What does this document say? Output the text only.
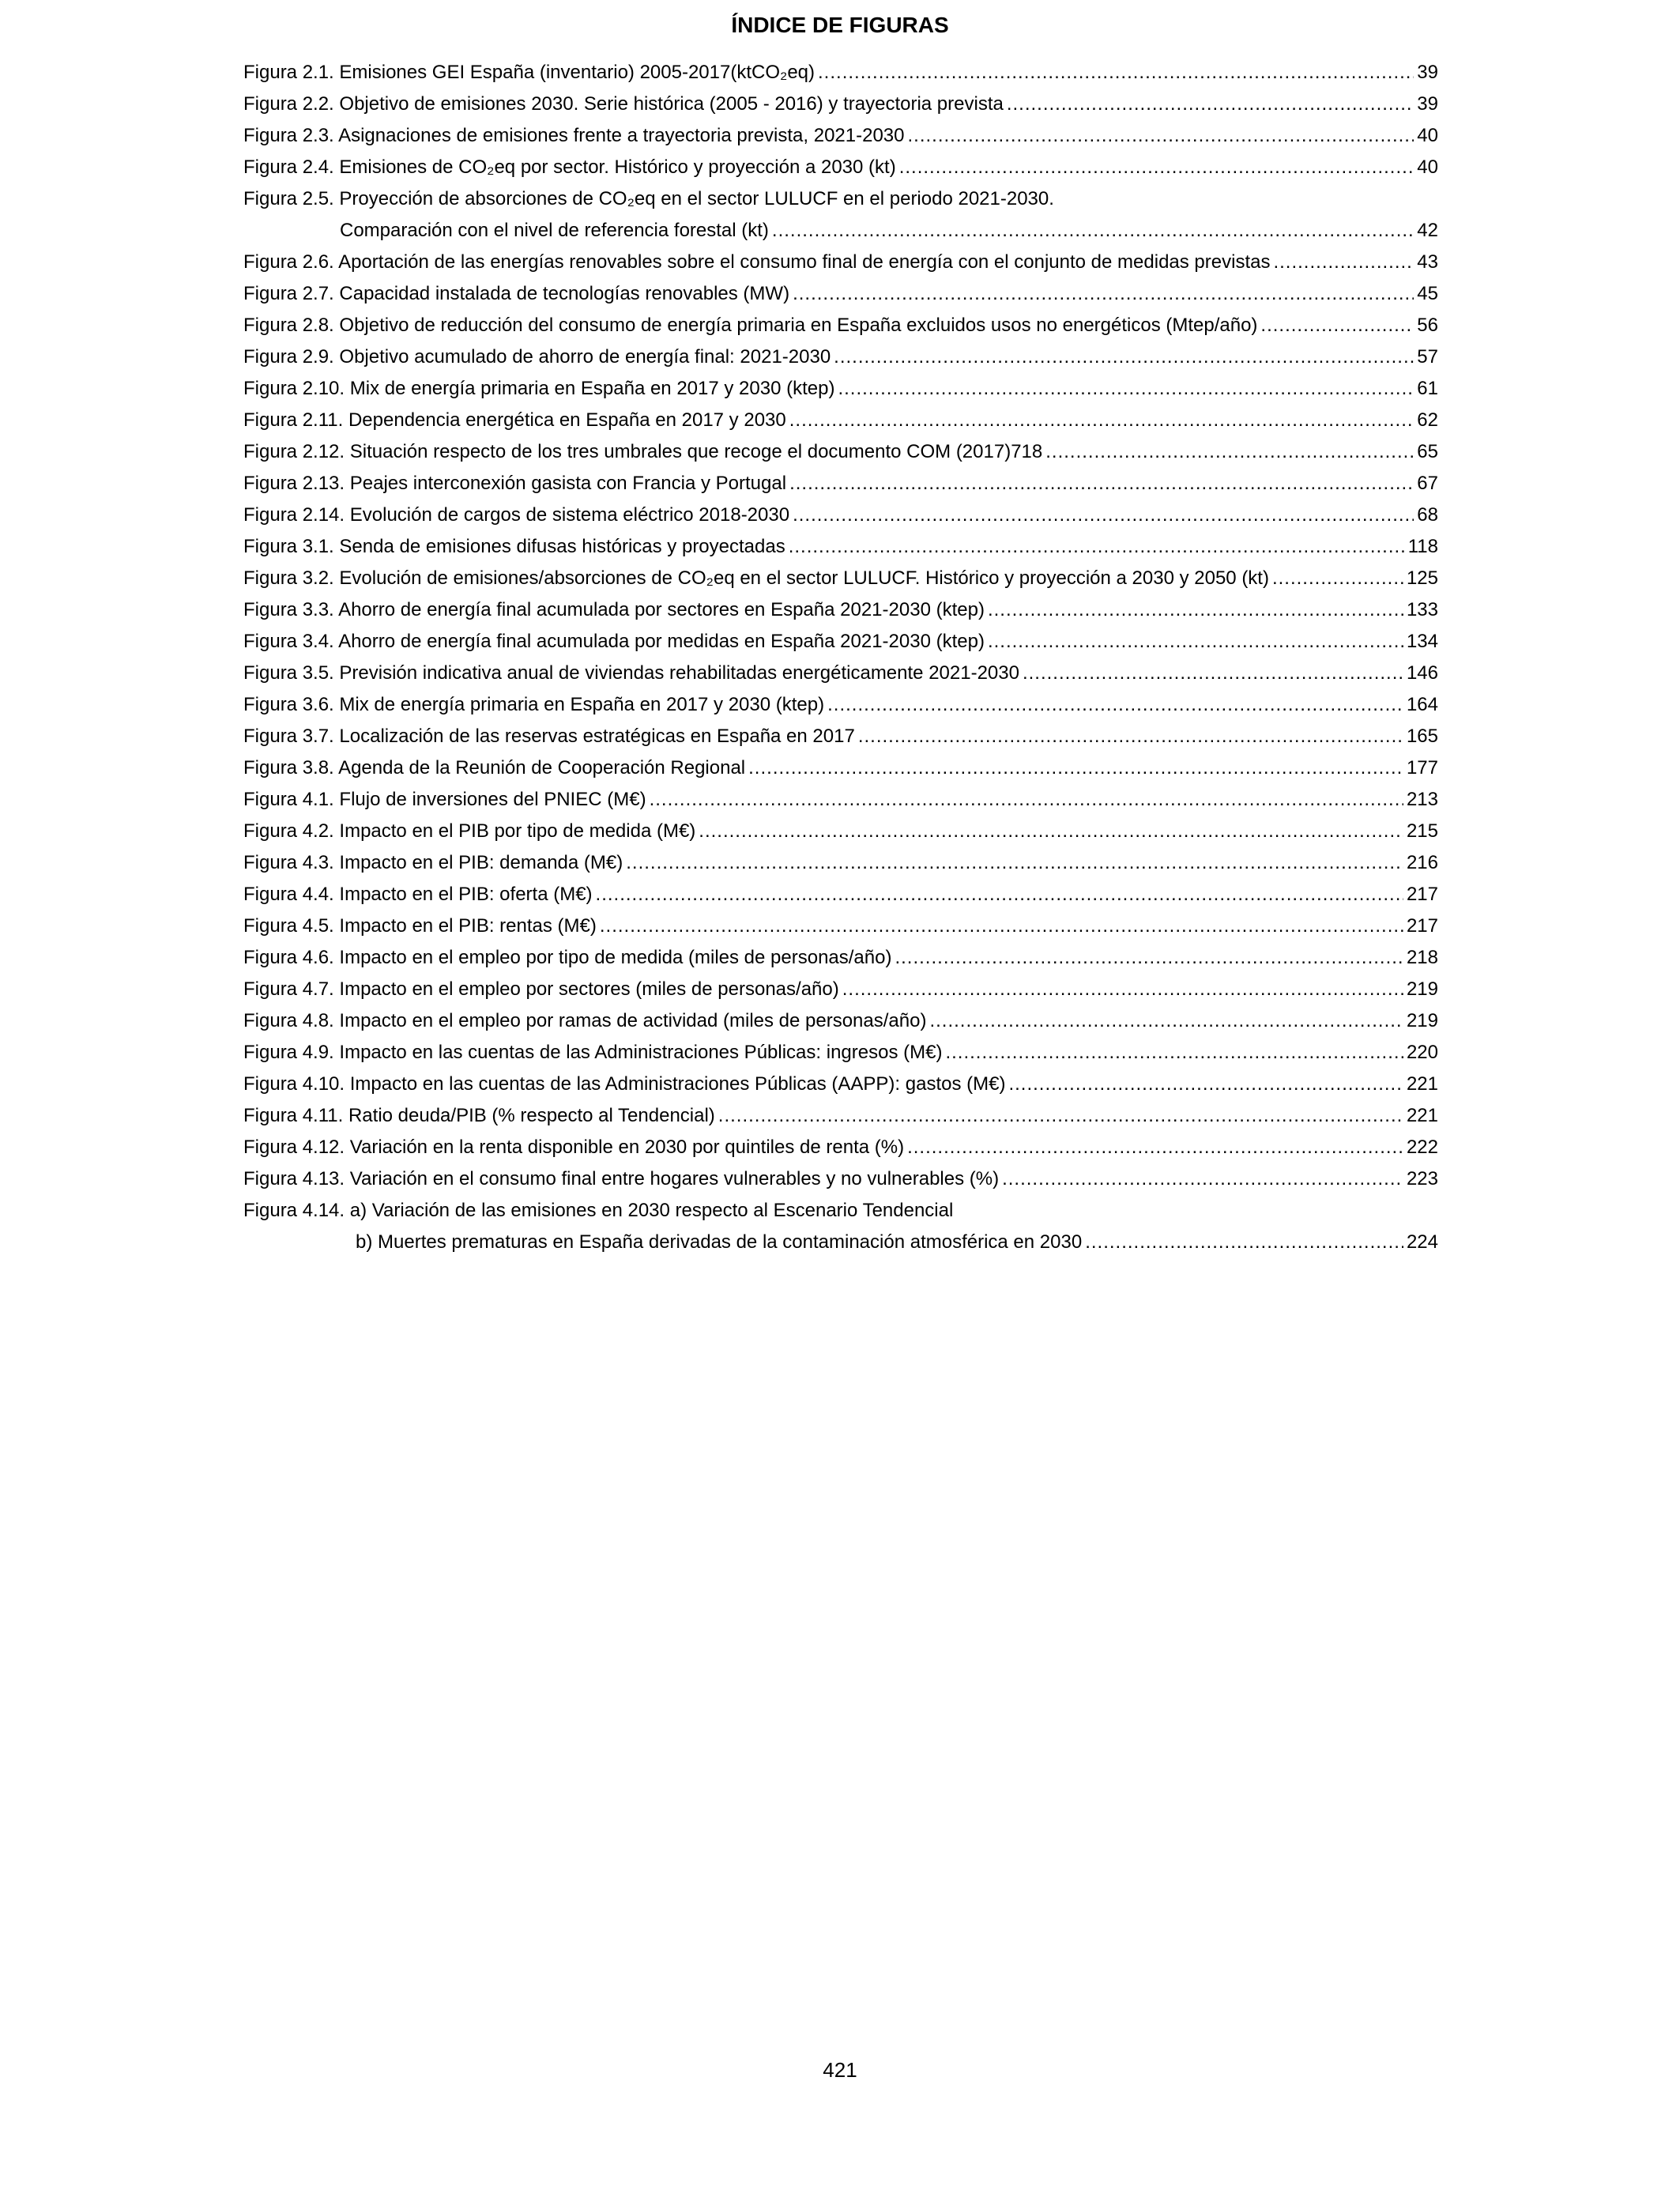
ÍNDICE DE FIGURAS
Figura 2.1. Emisiones GEI España (inventario) 2005-2017(ktCO₂eq) .....	39
Figura 2.2. Objetivo de emisiones 2030. Serie histórica (2005 - 2016) y trayectoria prevista .....	39
Figura 2.3. Asignaciones de emisiones frente a trayectoria prevista, 2021-2030 .....	40
Figura 2.4. Emisiones de CO₂eq por sector. Histórico y proyección a 2030 (kt) .....	40
Figura 2.5. Proyección de absorciones de CO₂eq en el sector LULUCF en el periodo 2021-2030.
Comparación con el nivel de referencia forestal (kt) .....	42
Figura 2.6. Aportación de las energías renovables sobre el consumo final de energía con el conjunto de medidas previstas .....	43
Figura 2.7. Capacidad instalada de tecnologías renovables (MW) .....	45
Figura 2.8. Objetivo de reducción del consumo de energía primaria en España excluidos usos no energéticos (Mtep/año) .....	56
Figura 2.9. Objetivo acumulado de ahorro de energía final: 2021-2030 .....	57
Figura 2.10. Mix de energía primaria en España en 2017 y 2030 (ktep) .....	61
Figura 2.11. Dependencia energética en España en 2017 y 2030 .....	62
Figura 2.12. Situación respecto de los tres umbrales que recoge el documento COM (2017)718 .....	65
Figura 2.13. Peajes interconexión gasista con Francia y Portugal .....	67
Figura 2.14. Evolución de cargos de sistema eléctrico 2018-2030 .....	68
Figura 3.1. Senda de emisiones difusas históricas y proyectadas .....	118
Figura 3.2. Evolución de emisiones/absorciones de CO₂eq en el sector LULUCF. Histórico y proyección a 2030 y 2050 (kt) .....	125
Figura 3.3. Ahorro de energía final acumulada por sectores en España 2021-2030 (ktep) .....	133
Figura 3.4. Ahorro de energía final acumulada por medidas en España 2021-2030 (ktep) .....	134
Figura 3.5. Previsión indicativa anual de viviendas rehabilitadas energéticamente 2021-2030 .....	146
Figura 3.6. Mix de energía primaria en España en 2017 y 2030 (ktep) .....	164
Figura 3.7. Localización de las reservas estratégicas en España en 2017 .....	165
Figura 3.8. Agenda de la Reunión de Cooperación Regional .....	177
Figura 4.1. Flujo de inversiones del PNIEC (M€) .....	213
Figura 4.2. Impacto en el PIB por tipo de medida (M€) .....	215
Figura 4.3. Impacto en el PIB: demanda (M€) .....	216
Figura 4.4. Impacto en el PIB: oferta (M€) .....	217
Figura 4.5. Impacto en el PIB: rentas (M€) .....	217
Figura 4.6. Impacto en el empleo por tipo de medida (miles de personas/año) .....	218
Figura 4.7. Impacto en el empleo por sectores (miles de personas/año) .....	219
Figura 4.8. Impacto en el empleo por ramas de actividad (miles de personas/año) .....	219
Figura 4.9. Impacto en las cuentas de las Administraciones Públicas: ingresos (M€) .....	220
Figura 4.10. Impacto en las cuentas de las Administraciones Públicas (AAPP): gastos (M€) .....	221
Figura 4.11. Ratio deuda/PIB (% respecto al Tendencial) .....	221
Figura 4.12. Variación en la renta disponible en 2030 por quintiles de renta (%) .....	222
Figura 4.13. Variación en el consumo final entre hogares vulnerables y no vulnerables (%) .....	223
Figura 4.14. a) Variación de las emisiones en 2030 respecto al Escenario Tendencial
b) Muertes prematuras en España derivadas de la contaminación atmosférica en 2030 .....	224
421
